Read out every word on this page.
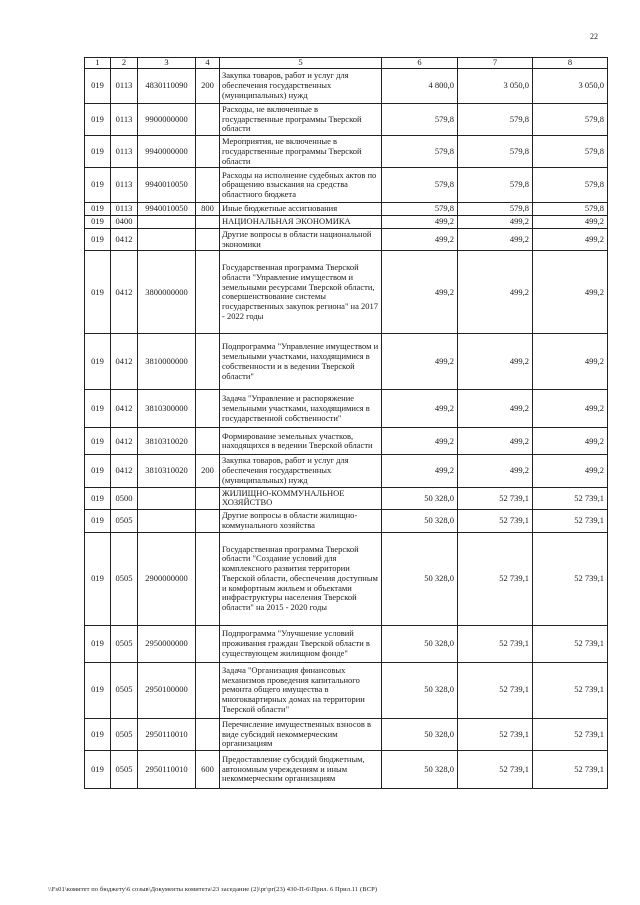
22
1	2	3	4	5	6	7	8
019	0113	4830110090	200	Закупка товаров, работ и услуг для обеспечения государственных (муниципальных) нужд	4 800,0	3 050,0	3 050,0
019	0113	9900000000		Расходы, не включенные в государственные программы Тверской области	579,8	579,8	579,8
019	0113	9940000000		Мероприятия, не включенные в государственные программы Тверской области	579,8	579,8	579,8
019	0113	9940010050		Расходы на исполнение судебных актов по обращению взыскания на средства областного бюджета	579,8	579,8	579,8
019	0113	9940010050	800	Иные бюджетные ассигнования	579,8	579,8	579,8
019	0400			НАЦИОНАЛЬНАЯ ЭКОНОМИКА	499,2	499,2	499,2
019	0412			Другие вопросы в области национальной экономики	499,2	499,2	499,2
019	0412	3800000000		Государственная программа Тверской области "Управление имуществом и земельными ресурсами Тверской области, совершенствование системы государственных закупок региона" на 2017 - 2022 годы	499,2	499,2	499,2
019	0412	3810000000		Подпрограмма "Управление имуществом и земельными участками, находящимися в собственности и в ведении Тверской области"	499,2	499,2	499,2
019	0412	3810300000		Задача "Управление и распоряжение земельными участками, находящимися в государственной собственности"	499,2	499,2	499,2
019	0412	3810310020		Формирование земельных участков, находящихся в ведении Тверской области	499,2	499,2	499,2
019	0412	3810310020	200	Закупка товаров, работ и услуг для обеспечения государственных (муниципальных) нужд	499,2	499,2	499,2
019	0500			ЖИЛИЩНО-КОММУНАЛЬНОЕ ХОЗЯЙСТВО	50 328,0	52 739,1	52 739,1
019	0505			Другие вопросы в области жилищно-коммунального хозяйства	50 328,0	52 739,1	52 739,1
019	0505	2900000000		Государственная программа Тверской области "Создание условий для комплексного развития территории Тверской области, обеспечения доступным и комфортным жильем и объектами инфраструктуры населения Тверской области" на 2015 - 2020 годы	50 328,0	52 739,1	52 739,1
019	0505	2950000000		Подпрограмма "Улучшение условий проживания граждан Тверской области в существующем жилищном фонде"	50 328,0	52 739,1	52 739,1
019	0505	2950100000		Задача "Организация финансовых механизмов проведения капитального ремонта общего имущества в многоквартирных домах на территории Тверской области"	50 328,0	52 739,1	52 739,1
019	0505	2950110010		Перечисление имущественных взносов в виде субсидий некоммерческим организациям	50 328,0	52 739,1	52 739,1
019	0505	2950110010	600	Предоставление субсидий бюджетным, автономным учреждениям и иным некоммерческим организациям	50 328,0	52 739,1	52 739,1
\\Fs01\комитет по бюджету\6 созыв\Документы комитета\23 заседание (2)\pr\pr(23) 430-П-6\Прил. 6 Прил.11 (ВСР)
